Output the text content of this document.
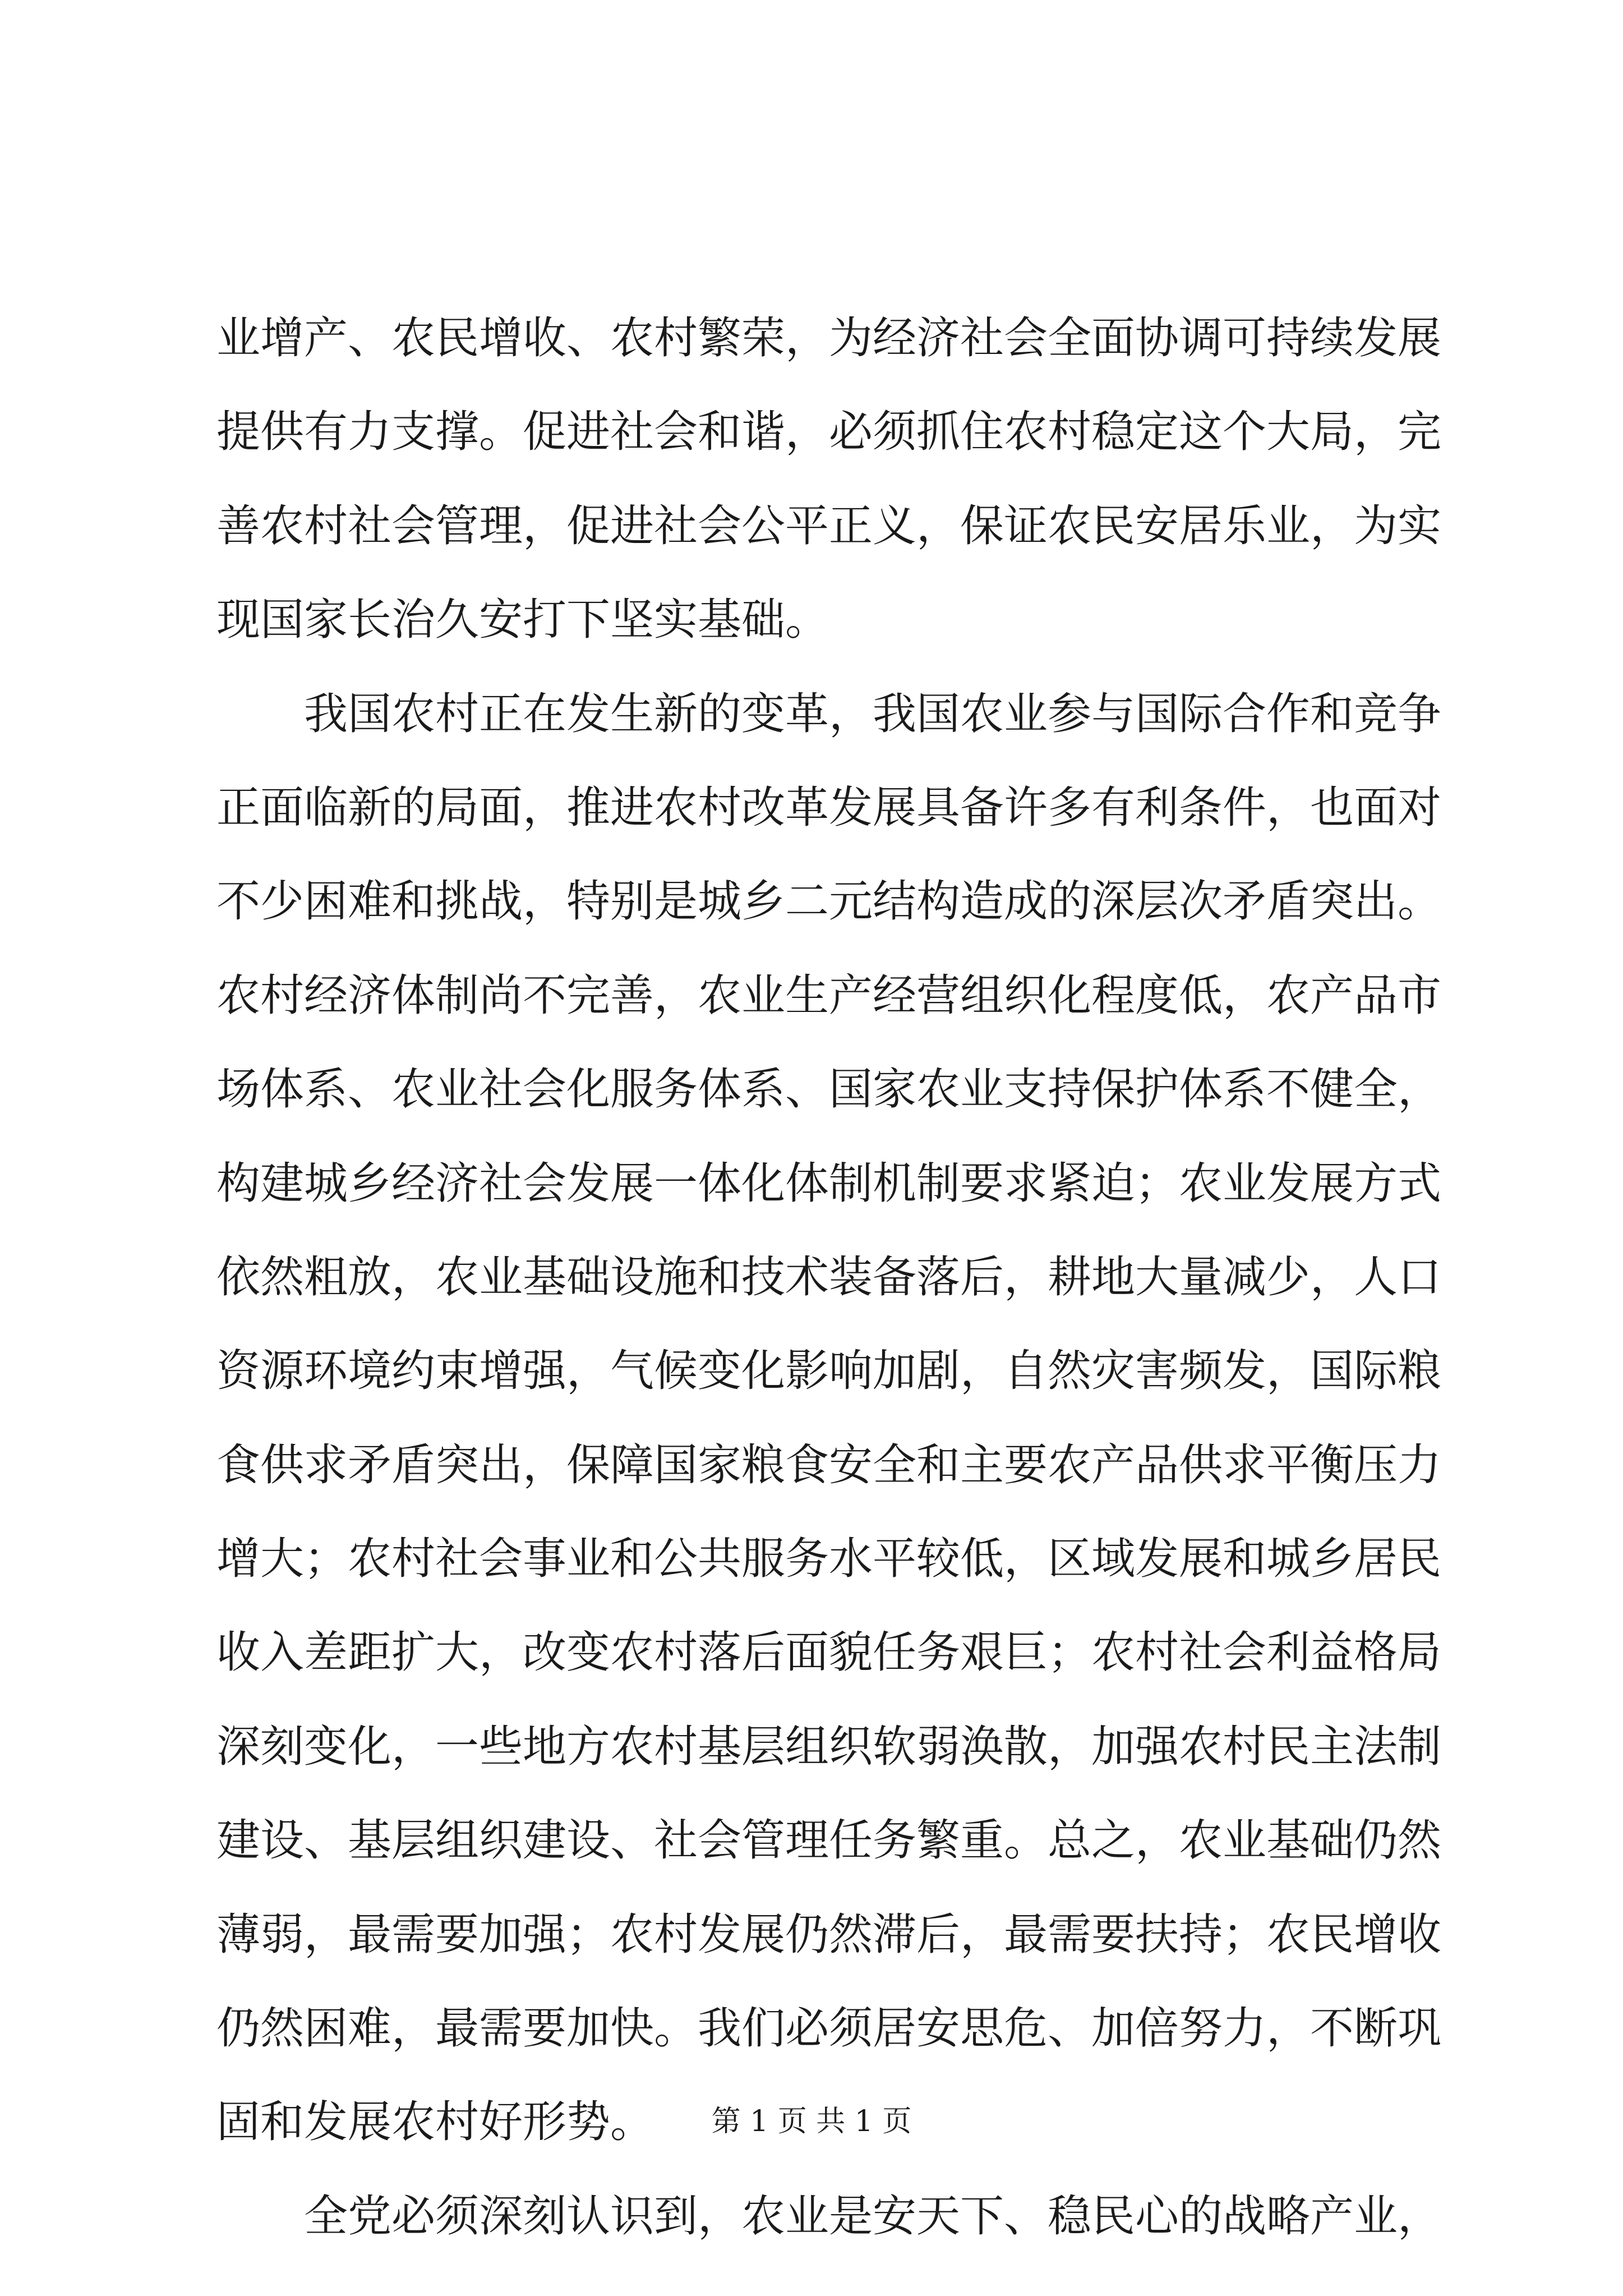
业增产、农民增收、农村繁荣，为经济社会全面协调可持续发展
提供有力支撑。促进社会和谐，必须抓住农村稳定这个大局，完
善农村社会管理，促进社会公平正义，保证农民安居乐业，为实
现国家长治久安打下坚实基础。
我国农村正在发生新的变革，我国农业参与国际合作和竞争
正面临新的局面，推进农村改革发展具备许多有利条件，也面对
不少困难和挑战，特别是城乡二元结构造成的深层次矛盾突出。
农村经济体制尚不完善，农业生产经营组织化程度低，农产品市
场体系、农业社会化服务体系、国家农业支持保护体系不健全，
构建城乡经济社会发展一体化体制机制要求紧迫；农业发展方式
依然粗放，农业基础设施和技术装备落后，耕地大量减少，人口
资源环境约束增强，气候变化影响加剧，自然灾害频发，国际粮
食供求矛盾突出，保障国家粮食安全和主要农产品供求平衡压力
增大；农村社会事业和公共服务水平较低，区域发展和城乡居民
收入差距扩大，改变农村落后面貌任务艰巨；农村社会利益格局
深刻变化，一些地方农村基层组织软弱涣散，加强农村民主法制
建设、基层组织建设、社会管理任务繁重。总之，农业基础仍然
薄弱，最需要加强；农村发展仍然滞后，最需要扶持；农民增收
仍然困难，最需要加快。我们必须居安思危、加倍努力，不断巩
固和发展农村好形势。
全党必须深刻认识到，农业是安天下、稳民心的战略产业，
第 1 页 共 1 页
